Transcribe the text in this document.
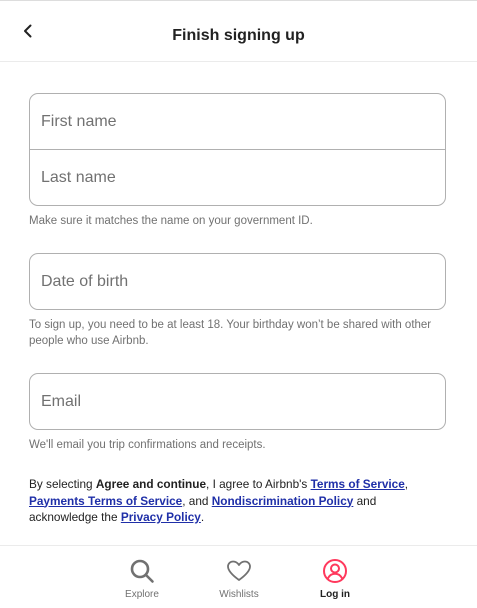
Finish signing up
First name
Last name
Make sure it matches the name on your government ID.
Date of birth
To sign up, you need to be at least 18. Your birthday won’t be shared with other people who use Airbnb.
Email
We'll email you trip confirmations and receipts.
By selecting Agree and continue, I agree to Airbnb's Terms of Service, Payments Terms of Service, and Nondiscrimination Policy and acknowledge the Privacy Policy.
Explore	Wishlists	Log in
